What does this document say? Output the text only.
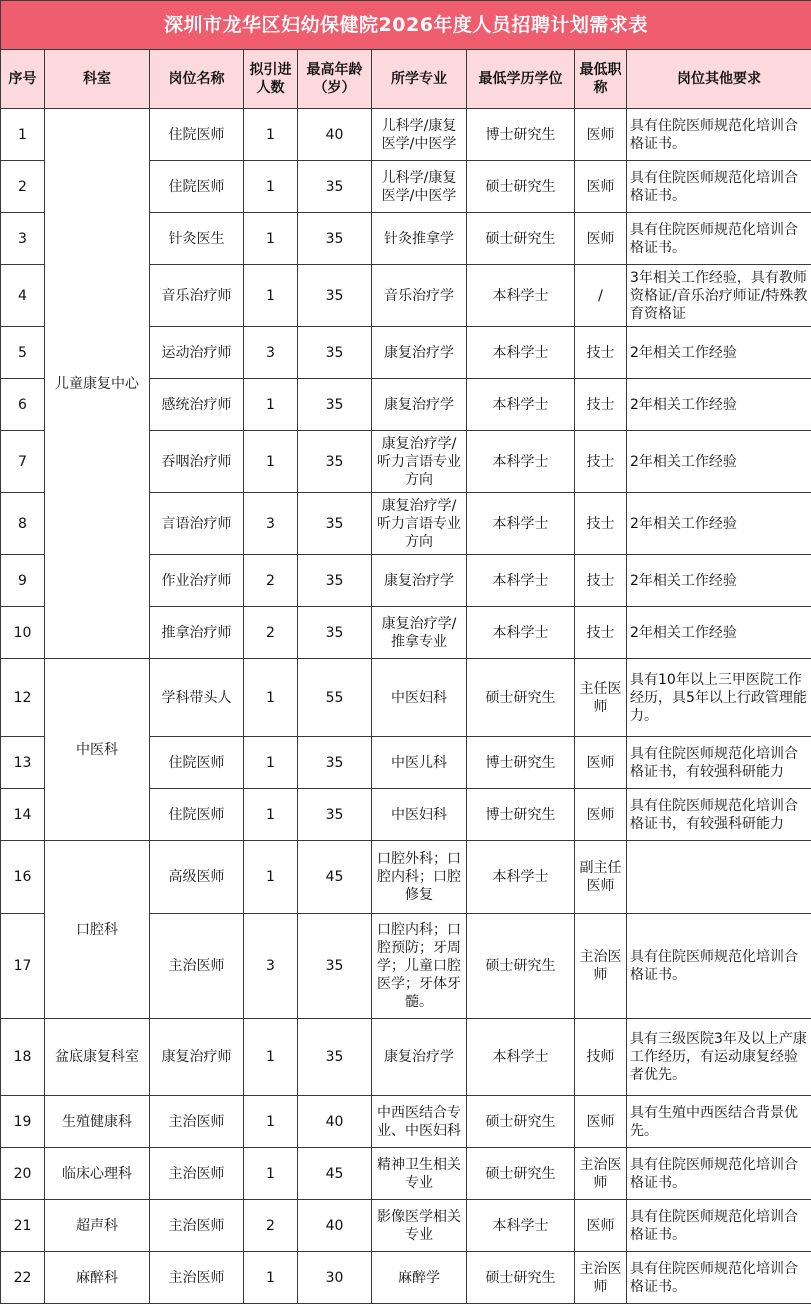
深圳市龙华区妇幼保健院2026年度人员招聘计划需求表								
序号	科室	岗位名称	拟引进人数	最高年龄（岁）	所学专业	最低学历学位	最低职称	岗位其他要求
1	儿童康复中心	住院医师	1	40	儿科学/康复医学/中医学	博士研究生	医师	具有住院医师规范化培训合格证书。
2		住院医师	1	35	儿科学/康复医学/中医学	硕士研究生	医师	具有住院医师规范化培训合格证书。
3		针灸医生	1	35	针灸推拿学	硕士研究生	医师	具有住院医师规范化培训合格证书。
4		音乐治疗师	1	35	音乐治疗学	本科学士	/	3年相关工作经验，具有教师资格证/音乐治疗师证/特殊教育资格证
5		运动治疗师	3	35	康复治疗学	本科学士	技士	2年相关工作经验
6		感统治疗师	1	35	康复治疗学	本科学士	技士	2年相关工作经验
7		吞咽治疗师	1	35	康复治疗学/听力言语专业方向	本科学士	技士	2年相关工作经验
8		言语治疗师	3	35	康复治疗学/听力言语专业方向	本科学士	技士	2年相关工作经验
9		作业治疗师	2	35	康复治疗学	本科学士	技士	2年相关工作经验
10		推拿治疗师	2	35	康复治疗学/推拿专业	本科学士	技士	2年相关工作经验
12	中医科	学科带头人	1	55	中医妇科	硕士研究生	主任医师	具有10年以上三甲医院工作经历，具5年以上行政管理能力。
13		住院医师	1	35	中医儿科	博士研究生	医师	具有住院医师规范化培训合格证书，有较强科研能力
14		住院医师	1	35	中医妇科	博士研究生	医师	具有住院医师规范化培训合格证书，有较强科研能力
16	口腔科	高级医师	1	45	口腔外科；口腔内科；口腔修复	本科学士	副主任医师	
17		主治医师	3	35	口腔内科；口腔预防；牙周学；儿童口腔医学；牙体牙髓。	硕士研究生	主治医师	具有住院医师规范化培训合格证书。
18	盆底康复科室	康复治疗师	1	35	康复治疗学	本科学士	技师	具有三级医院3年及以上产康工作经历，有运动康复经验者优先。
19	生殖健康科	主治医师	1	40	中西医结合专业、中医妇科	硕士研究生	医师	具有生殖中西医结合背景优先。
20	临床心理科	主治医师	1	45	精神卫生相关专业	硕士研究生	主治医师	具有住院医师规范化培训合格证书。
21	超声科	主治医师	2	40	影像医学相关专业	本科学士	医师	具有住院医师规范化培训合格证书。
22	麻醉科	主治医师	1	30	麻醉学	硕士研究生	主治医师	具有住院医师规范化培训合格证书。
